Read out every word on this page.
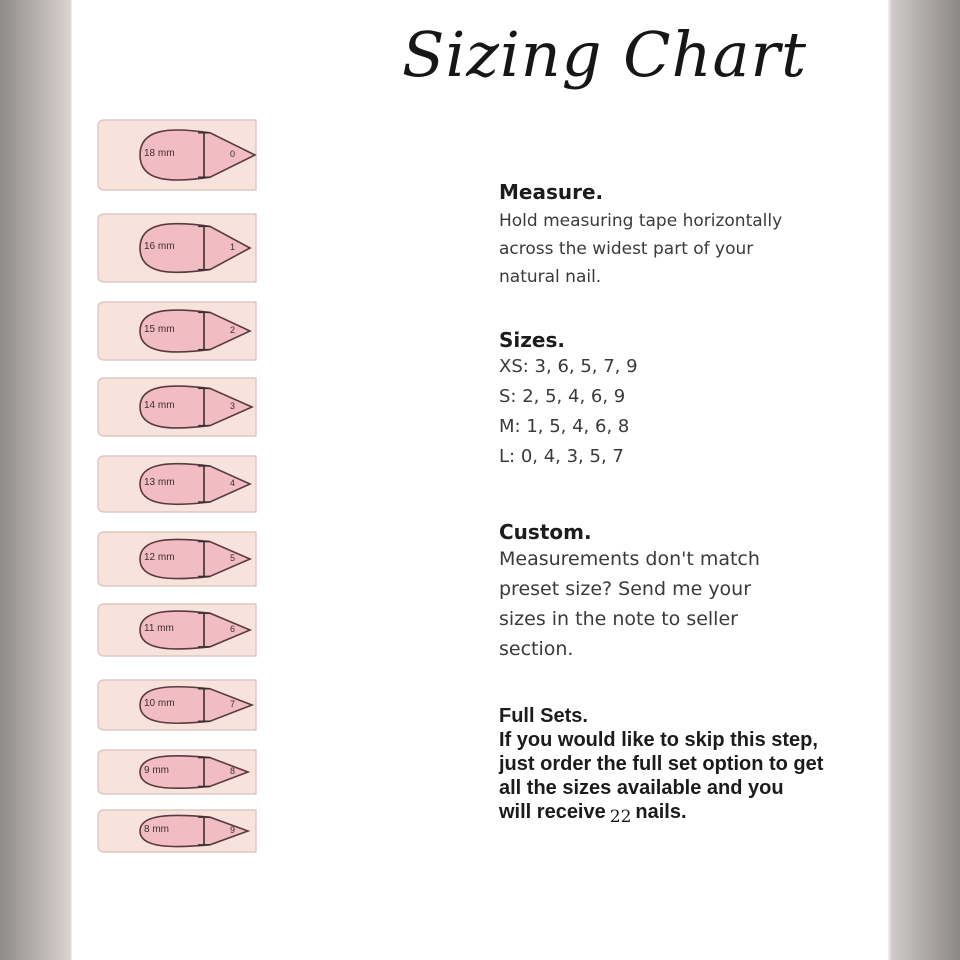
Sizing Chart
18 mm	0
16 mm	1
15 mm	2
14 mm	3
13 mm	4
12 mm	5
11 mm	6
10 mm	7
9 mm	8
8 mm	9
Measure.
Hold measuring tape horizontally
across the widest part of your
natural nail.
Sizes.
XS: 3, 6, 5, 7, 9
S: 2, 5, 4, 6, 9
M: 1, 5, 4, 6, 8
L: 0, 4, 3, 5, 7
Custom.
Measurements don't match
preset size? Send me your
sizes in the note to seller
section.
Full Sets.
If you would like to skip this step,
just order the full set option to get
all the sizes available and you
will receive $_{22}$ nails.
